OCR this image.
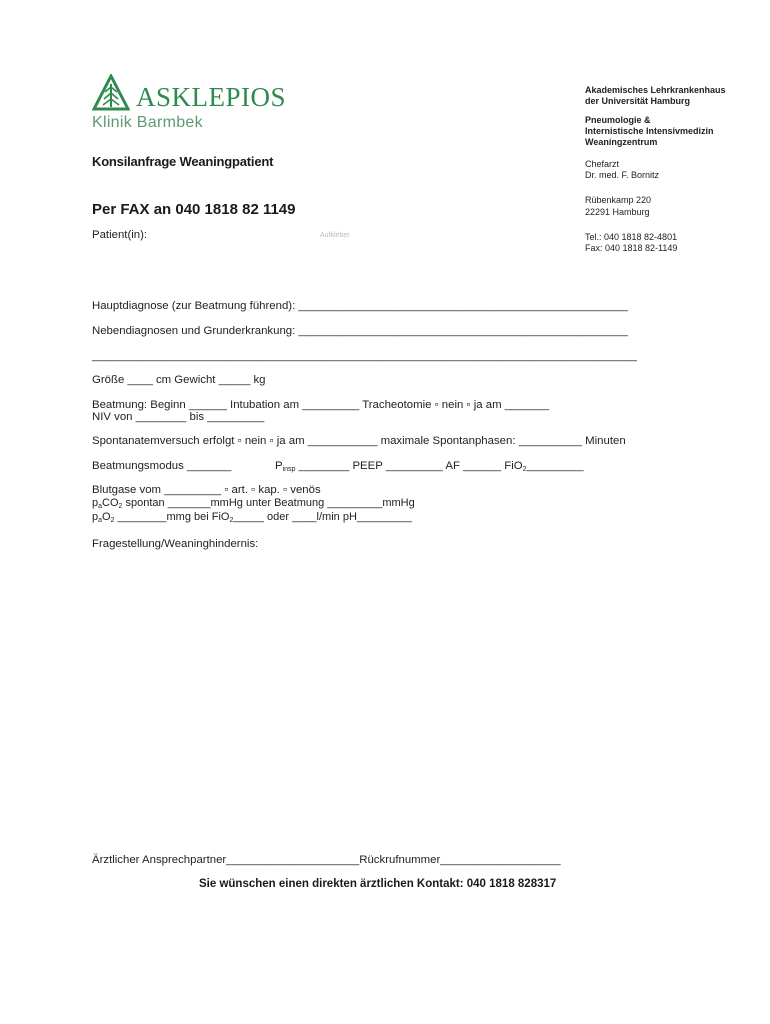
ASKLEPIOS
Klinik Barmbek
Akademisches Lehrkrankenhaus
der Universität Hamburg
Pneumologie &
Internistische Intensivmedizin
Weaningzentrum
Chefarzt
Dr. med. F. Bornitz
Rübenkamp 220
22291 Hamburg
Tel.: 040 1818 82-4801
Fax: 040 1818 82-1149
Konsilanfrage Weaningpatient
Per FAX an 040 1818 82 1149
Patient(in):	Aufkleber
Hauptdiagnose (zur Beatmung führend): ____________________________________________________
Nebendiagnosen und Grunderkrankung: ____________________________________________________
______________________________________________________________________________________
Größe ____ cm Gewicht _____ kg
Beatmung: Beginn ______ Intubation am _________ Tracheotomie ▫ nein ▫ ja am _______
NIV von ________ bis _________
Spontanatemversuch erfolgt ▫ nein ▫ ja am ___________ maximale Spontanphasen: __________ Minuten
Beatmungsmodus _______	$P_{insp}$ ________ PEEP _________ AF ______ FiO$_2$_________
Blutgase vom _________ ▫ art. ▫ kap. ▫ venös
$p_aCO_2$ spontan _______mmHg unter Beatmung _________mmHg
$p_aO_2$ ________mmg bei FiO$_2$_____ oder ____l/min pH_________
Fragestellung/Weaninghindernis:
Ärztlicher Ansprechpartner_____________________Rückrufnummer___________________
Sie wünschen einen direkten ärztlichen Kontakt: 040 1818 828317
